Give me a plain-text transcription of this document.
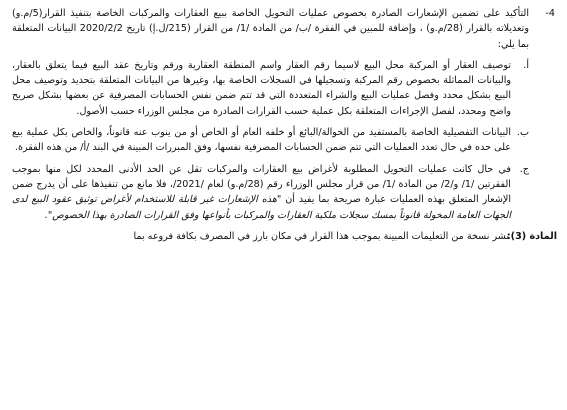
4-
التأكيد على تضمين الإشعارات الصادرة بخصوص عمليات التحويل الخاصة ببيع العقارات والمركبات الخاصة بتنفيذ القرار(5/م.و) وتعديلاته بالقرار (28/م.و) ، وإضافة للمبين في الفقرة /ب/ من المادة /1/ من القرار (215/ل.إ) تاريخ 2020/2/2 البيانات المتعلقة بما يلي:

أ.
توصيف العقار أو المركبة محل البيع لاسيما رقم العقار واسم المنطقة العقارية ورقم وتاريخ عقد البيع فيما يتعلق بالعقار، والبيانات المماثلة بخصوص رقم المركبة وتسجيلها في السجلات الخاصة بها، وغيرها من البيانات المتعلقة بتحديد وتوصيف محل البيع بشكل محدد وفصل عمليات البيع والشراء المتعددة التي قد تتم ضمن نفس الحسابات المصرفية عن بعضها بشكل صريح واضح ومحدد، لفصل الإجراءات المتعلقة بكل عملية حسب القرارات الصادرة من مجلس الوزراء حسب الأصول.

ب.
البيانات التفصيلية الخاصة بالمستفيد من الحوالة/البائع أو خلفه العام أو الخاص أو من ينوب عنه قانوناً، والخاص بكل عملية بيع على حده في حال تعدد العمليات التي تتم ضمن الحسابات المصرفية نفسها، وفق المبررات المبينة في البند /أ/ من هذه الفقرة.

ج.
في حال كانت عمليات التحويل المطلوبة لأغراض بيع العقارات والمركبات تقل عن الحد الأدنى المحدد لكل منها بموجب الفقرتين /1/ و/2/ من المادة /1/ من قرار مجلس الوزراء رقم (28/م.و) لعام /2021/، فلا مانع من تنفيذها على أن يدرج ضمن الإشعار المتعلق بهذه العمليات عبارة صريحة بما يفيد أن "هذه الإشعارات غير قابلة للاستخدام لأغراض توثيق عقود البيع لدى الجهات العامة المخولة قانوناً بمسك سجلات ملكية العقارات والمركبات بأنواعها وفق القرارات الصادرة بهذا الخصوص".

المادة (3):
نشر نسخة من التعليمات المبينة بموجب هذا القرار في مكان بارز في المصرف بكافة فروعه بما
